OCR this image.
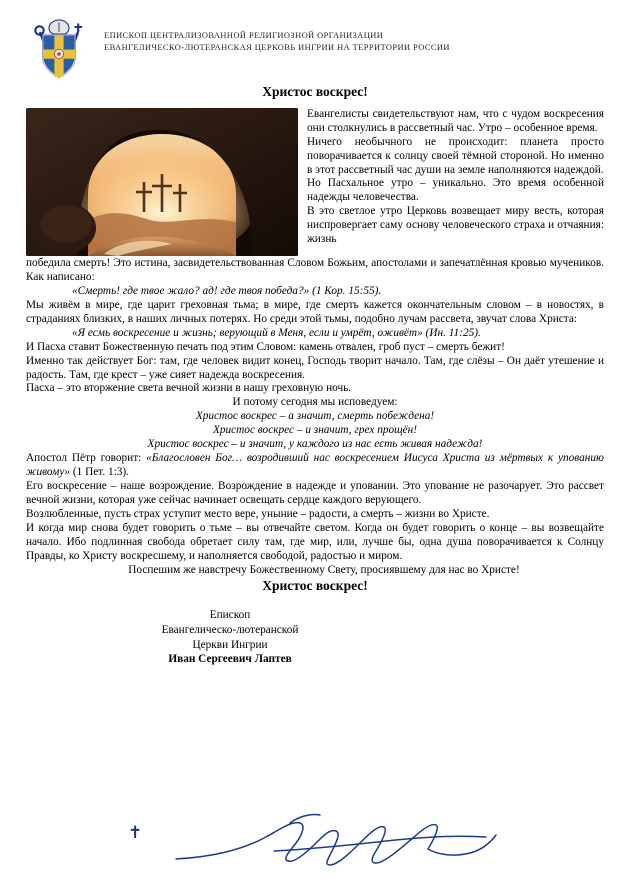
ЕПИСКОП ЦЕНТРАЛИЗОВАННОЙ РЕЛИГИОЗНОЙ ОРГАНИЗАЦИИ
ЕВАНГЕЛИЧЕСКО-ЛЮТЕРАНСКАЯ ЦЕРКОВЬ ИНГРИИ НА ТЕРРИТОРИИ РОССИИ
Христос воскрес!

Евангелисты свидетельствуют нам, что с чудом воскресения они столкнулись в рассветный час. Утро – особенное время.

Ничего необычного не происходит: планета просто поворачивается к солнцу своей тёмной стороной. Но именно в этот рассветный час души на земле наполняются надеждой.

Но Пасхальное утро – уникально. Это время особенной надежды человечества.

В это светлое утро Церковь возвещает миру весть, которая ниспровергает саму основу человеческого страха и отчаяния: жизнь

победила смерть! Это истина, засвидетельствованная Словом Божьим, апостолами и запечатлённая кровью мучеников. Как написано:

«Смерть! где твое жало? ад! где твоя победа?» (1 Кор. 15:55).

Мы живём в мире, где царит греховная тьма; в мире, где смерть кажется окончательным словом – в новостях, в страданиях близких, в наших личных потерях. Но среди этой тьмы, подобно лучам рассвета, звучат слова Христа:

«Я есмь воскресение и жизнь; верующий в Меня, если и умрёт, оживёт» (Ин. 11:25).

И Пасха ставит Божественную печать под этим Словом: камень отвален, гроб пуст – смерть бежит!

Именно так действует Бог: там, где человек видит конец, Господь творит начало. Там, где слёзы – Он даёт утешение и радость. Там, где крест – уже сияет надежда воскресения.

Пасха – это вторжение света вечной жизни в нашу греховную ночь.

И потому сегодня мы исповедуем:

Христос воскрес – а значит, смерть побеждена!

Христос воскрес – и значит, грех прощён!

Христос воскрес – и значит, у каждого из нас есть живая надежда!

Апостол Пётр говорит: «Благословен Бог… возродивший нас воскресением Иисуса Христа из мёртвых к упованию живому» (1 Пет. 1:3).

Его воскресение – наше возрождение. Возрождение в надежде и уповании. Это упование не разочарует. Это рассвет вечной жизни, которая уже сейчас начинает освещать сердце каждого верующего.

Возлюбленные, пусть страх уступит место вере, уныние – радости, а смерть – жизни во Христе.

И когда мир снова будет говорить о тьме – вы отвечайте светом. Когда он будет говорить о конце – вы возвещайте начало. Ибо подлинная свобода обретает силу там, где мир, или, лучше бы, одна душа поворачивается к Солнцу Правды, ко Христу воскресшему, и наполняется свободой, радостью и миром.

Поспешим же навстречу Божественному Свету, просиявшему для нас во Христе!

Христос воскрес!

Епископ
Евангелическо-лютеранской
Церкви Ингрии
Иван Сергеевич Лаптев
✝
